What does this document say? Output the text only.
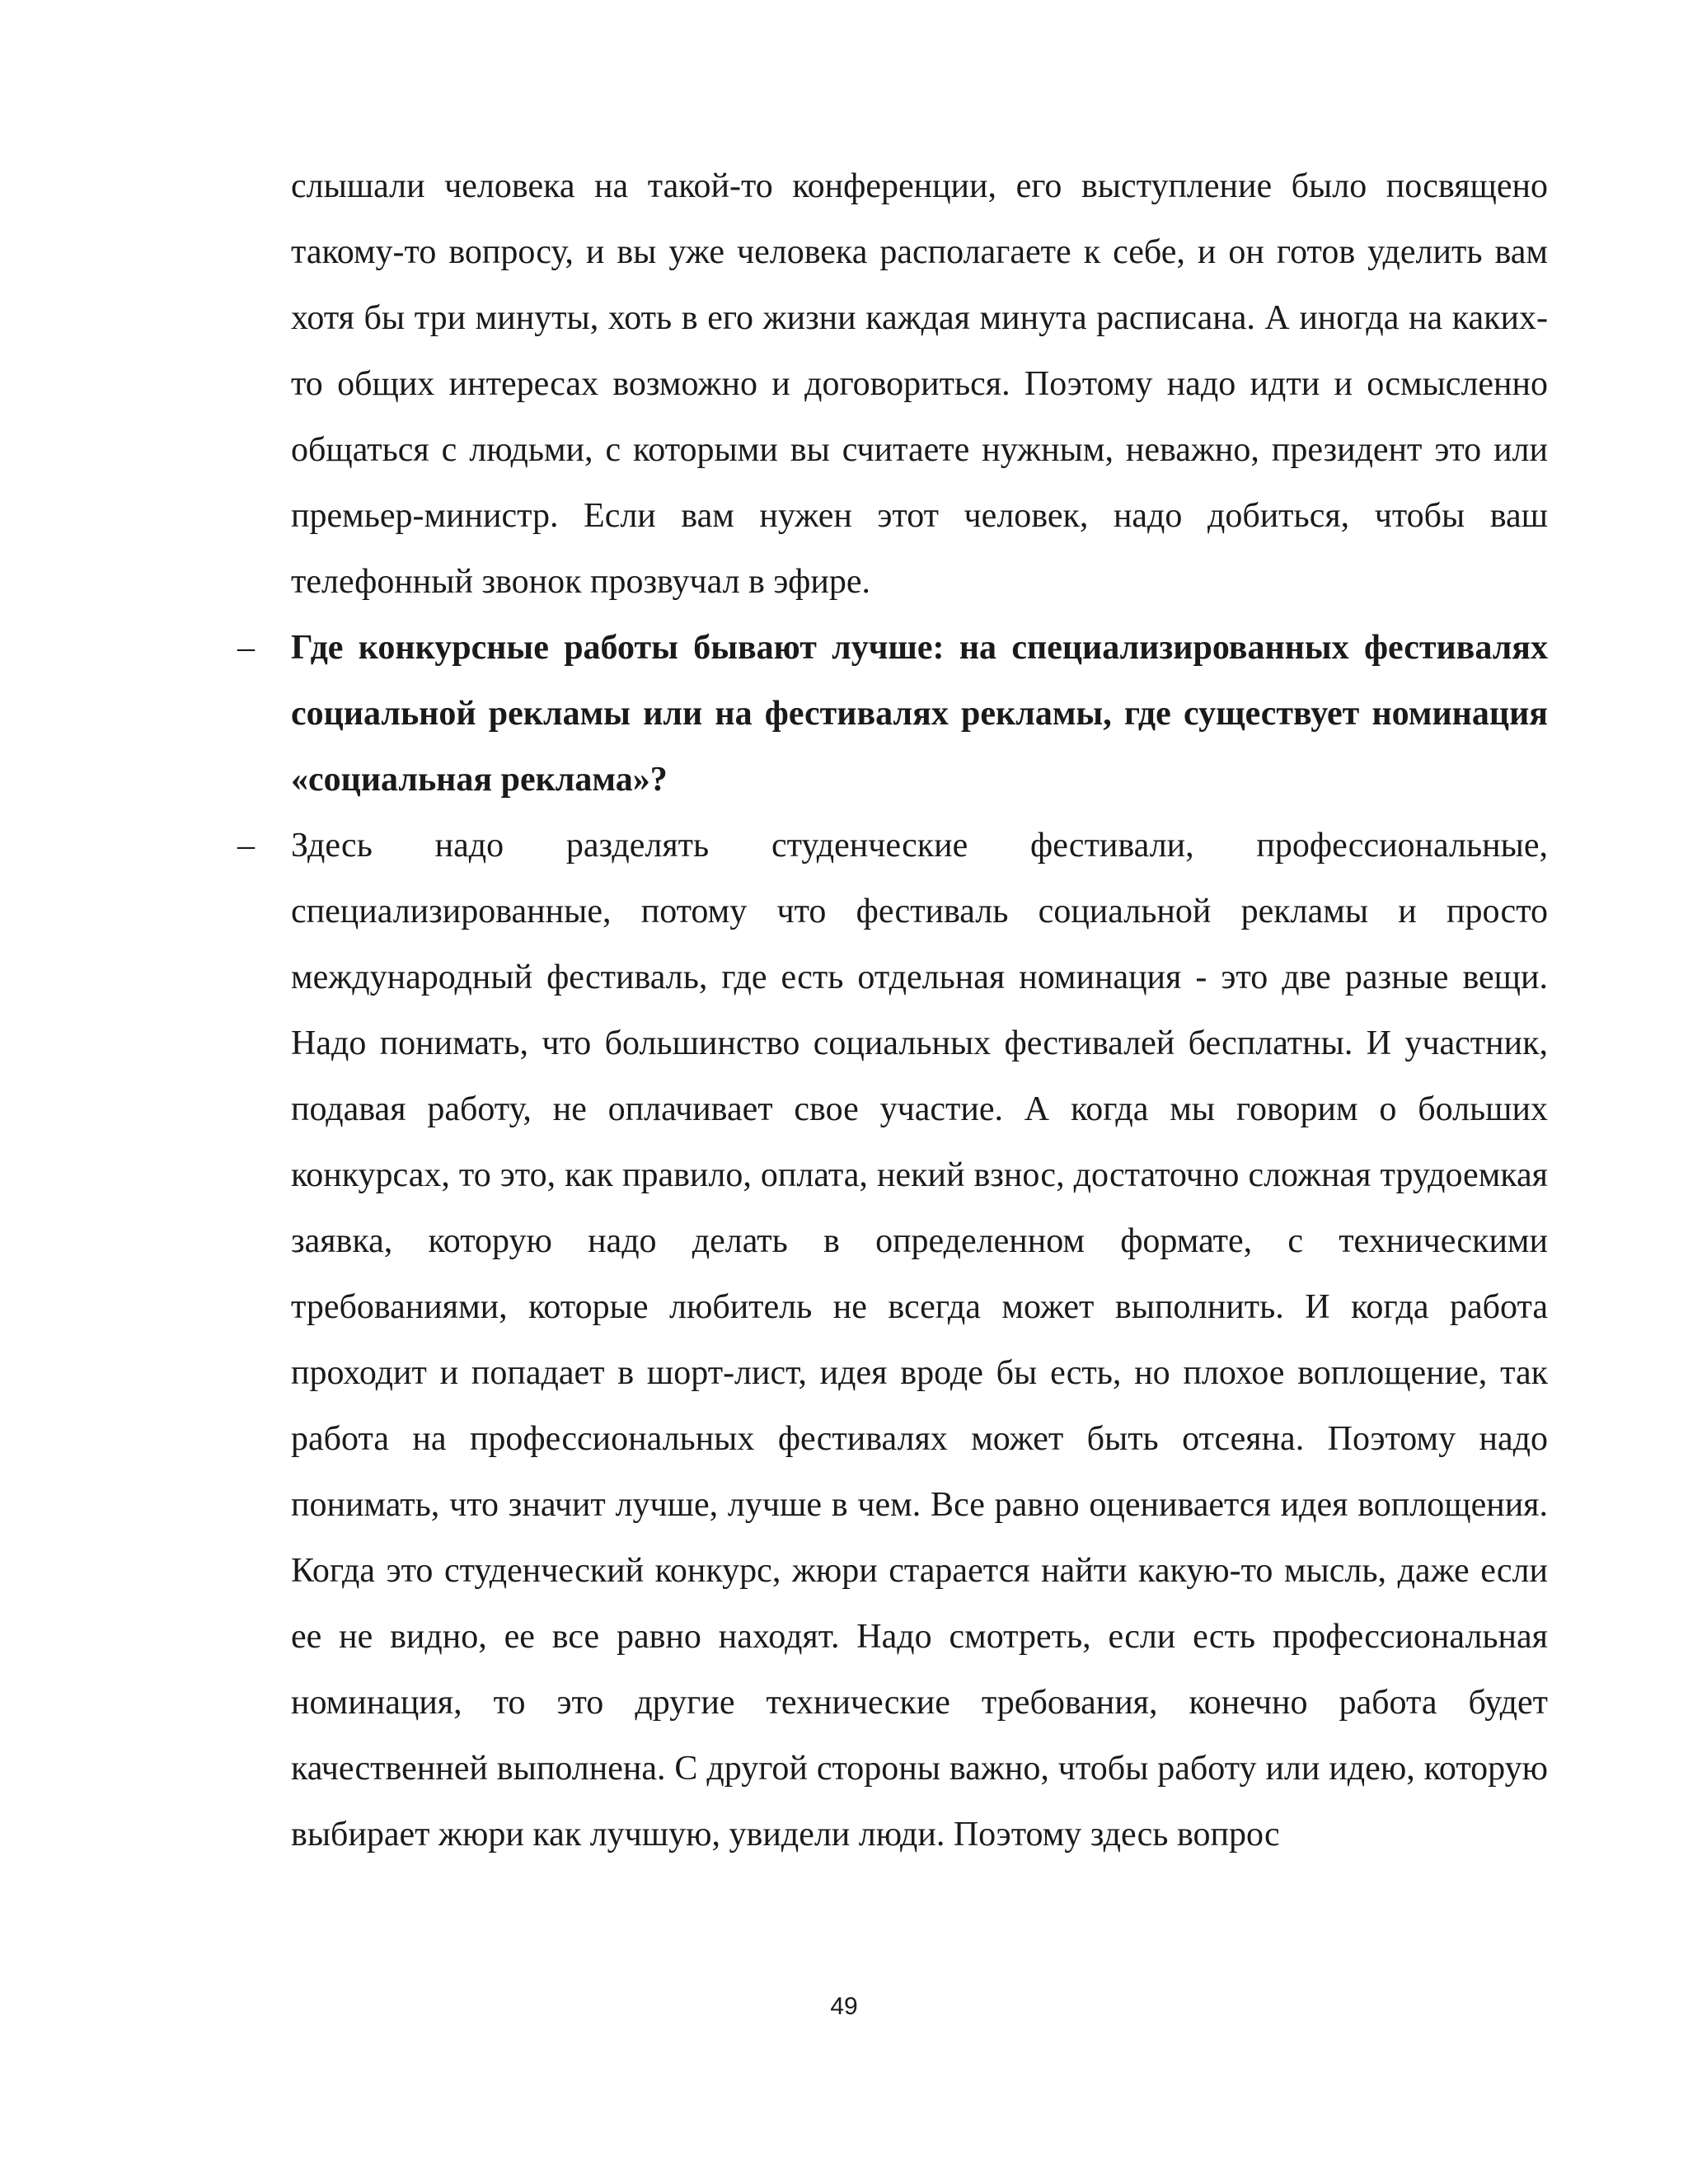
слышали человека на такой-то конференции, его выступление было посвящено такому-то вопросу, и вы уже человека располагаете к себе, и он готов уделить вам хотя бы три минуты, хоть в его жизни каждая минута расписана. А иногда на каких-то общих интересах возможно и договориться. Поэтому надо идти и осмысленно общаться с людьми, с которыми вы считаете нужным, неважно, президент это или премьер-министр. Если вам нужен этот человек, надо добиться, чтобы ваш телефонный звонок прозвучал в эфире.

–	Где конкурсные работы бывают лучше: на специализированных фестивалях социальной рекламы или на фестивалях рекламы, где существует номинация «социальная реклама»?

–	Здесь надо разделять студенческие фестивали, профессиональные, специализированные, потому что фестиваль социальной рекламы и просто международный фестиваль, где есть отдельная номинация - это две разные вещи. Надо понимать, что большинство социальных фестивалей бесплатны. И участник, подавая работу, не оплачивает свое участие. А когда мы говорим о больших конкурсах, то это, как правило, оплата, некий взнос, достаточно сложная трудоемкая заявка, которую надо делать в определенном формате, с техническими требованиями, которые любитель не всегда может выполнить. И когда работа проходит и попадает в шорт-лист, идея вроде бы есть, но плохое воплощение, так работа на профессиональных фестивалях может быть отсеяна. Поэтому надо понимать, что значит лучше, лучше в чем. Все равно оценивается идея воплощения. Когда это студенческий конкурс, жюри старается найти какую-то мысль, даже если ее не видно, ее все равно находят. Надо смотреть, если есть профессиональная номинация, то это другие технические требования, конечно работа будет качественней выполнена. С другой стороны важно, чтобы работу или идею, которую выбирает жюри как лучшую, увидели люди. Поэтому здесь вопрос

49
